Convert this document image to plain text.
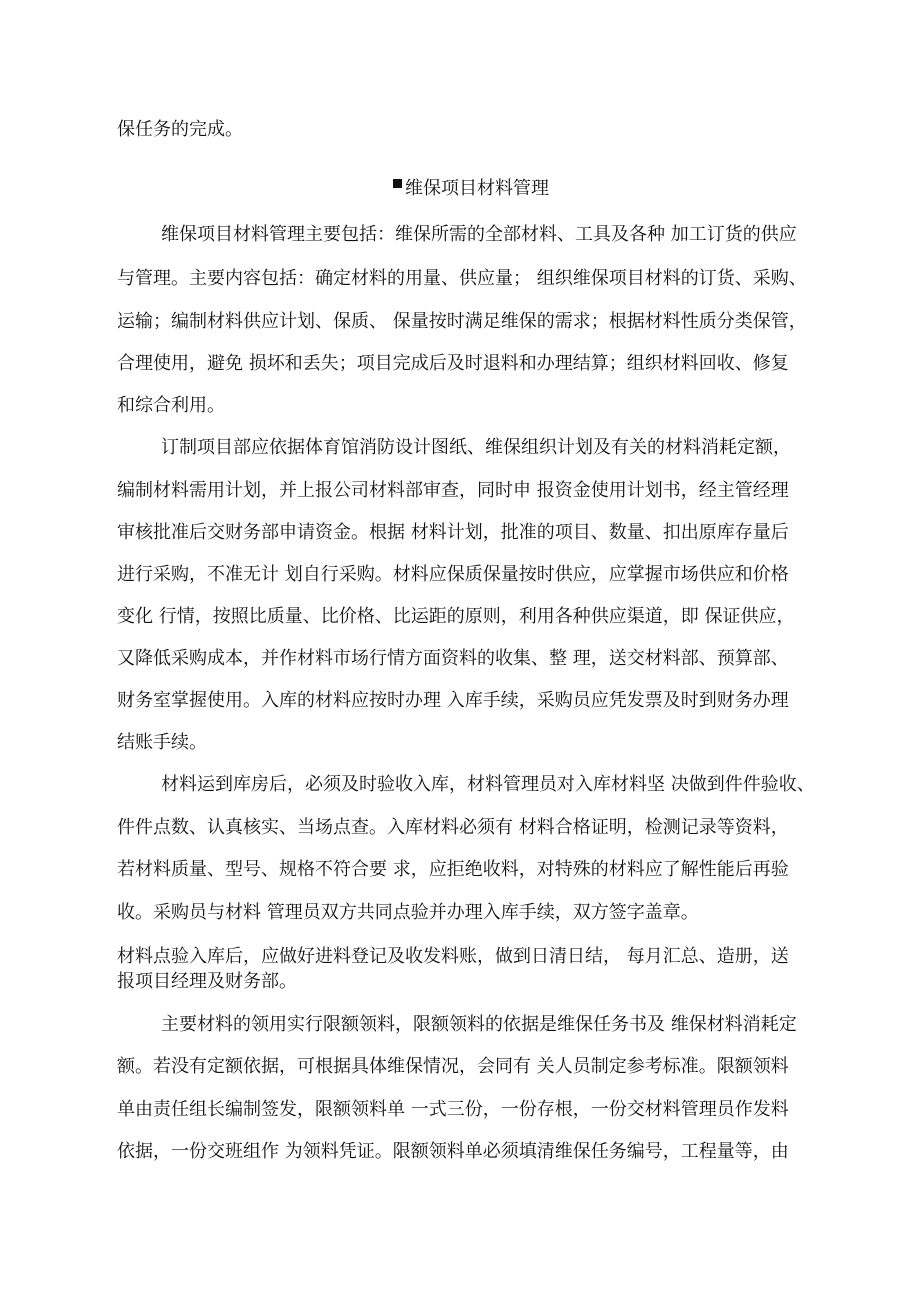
保任务的完成。
维保项目材料管理
维保项目材料管理主要包括：维保所需的全部材料、工具及各种 加工订货的供应
与管理。主要内容包括：确定材料的用量、供应量； 组织维保项目材料的订货、采购、
运输；编制材料供应计划、保质、 保量按时满足维保的需求；根据材料性质分类保管，
合理使用，避免 损坏和丢失；项目完成后及时退料和办理结算；组织材料回收、修复
和综合利用。
订制项目部应依据体育馆消防设计图纸、维保组织计划及有关的材料消耗定额，
编制材料需用计划，并上报公司材料部审查，同时申 报资金使用计划书，经主管经理
审核批准后交财务部申请资金。根据 材料计划，批准的项目、数量、扣出原库存量后
进行采购，不准无计 划自行采购。材料应保质保量按时供应，应掌握市场供应和价格
变化 行情，按照比质量、比价格、比运距的原则，利用各种供应渠道，即 保证供应，
又降低采购成本，并作材料市场行情方面资料的收集、整 理，送交材料部、预算部、
财务室掌握使用。入库的材料应按时办理 入库手续，采购员应凭发票及时到财务办理
结账手续。
材料运到库房后，必须及时验收入库，材料管理员对入库材料坚 决做到件件验收、
件件点数、认真核实、当场点查。入库材料必须有 材料合格证明，检测记录等资料，
若材料质量、型号、规格不符合要 求，应拒绝收料，对特殊的材料应了解性能后再验
收。采购员与材料 管理员双方共同点验并办理入库手续，双方签字盖章。
材料点验入库后，应做好进料登记及收发料账，做到日清日结， 每月汇总、造册，送
报项目经理及财务部。
主要材料的领用实行限额领料，限额领料的依据是维保任务书及 维保材料消耗定
额。若没有定额依据，可根据具体维保情况，会同有 关人员制定参考标准。限额领料
单由责任组长编制签发，限额领料单 一式三份，一份存根，一份交材料管理员作发料
依据，一份交班组作 为领料凭证。限额领料单必须填清维保任务编号，工程量等，由
